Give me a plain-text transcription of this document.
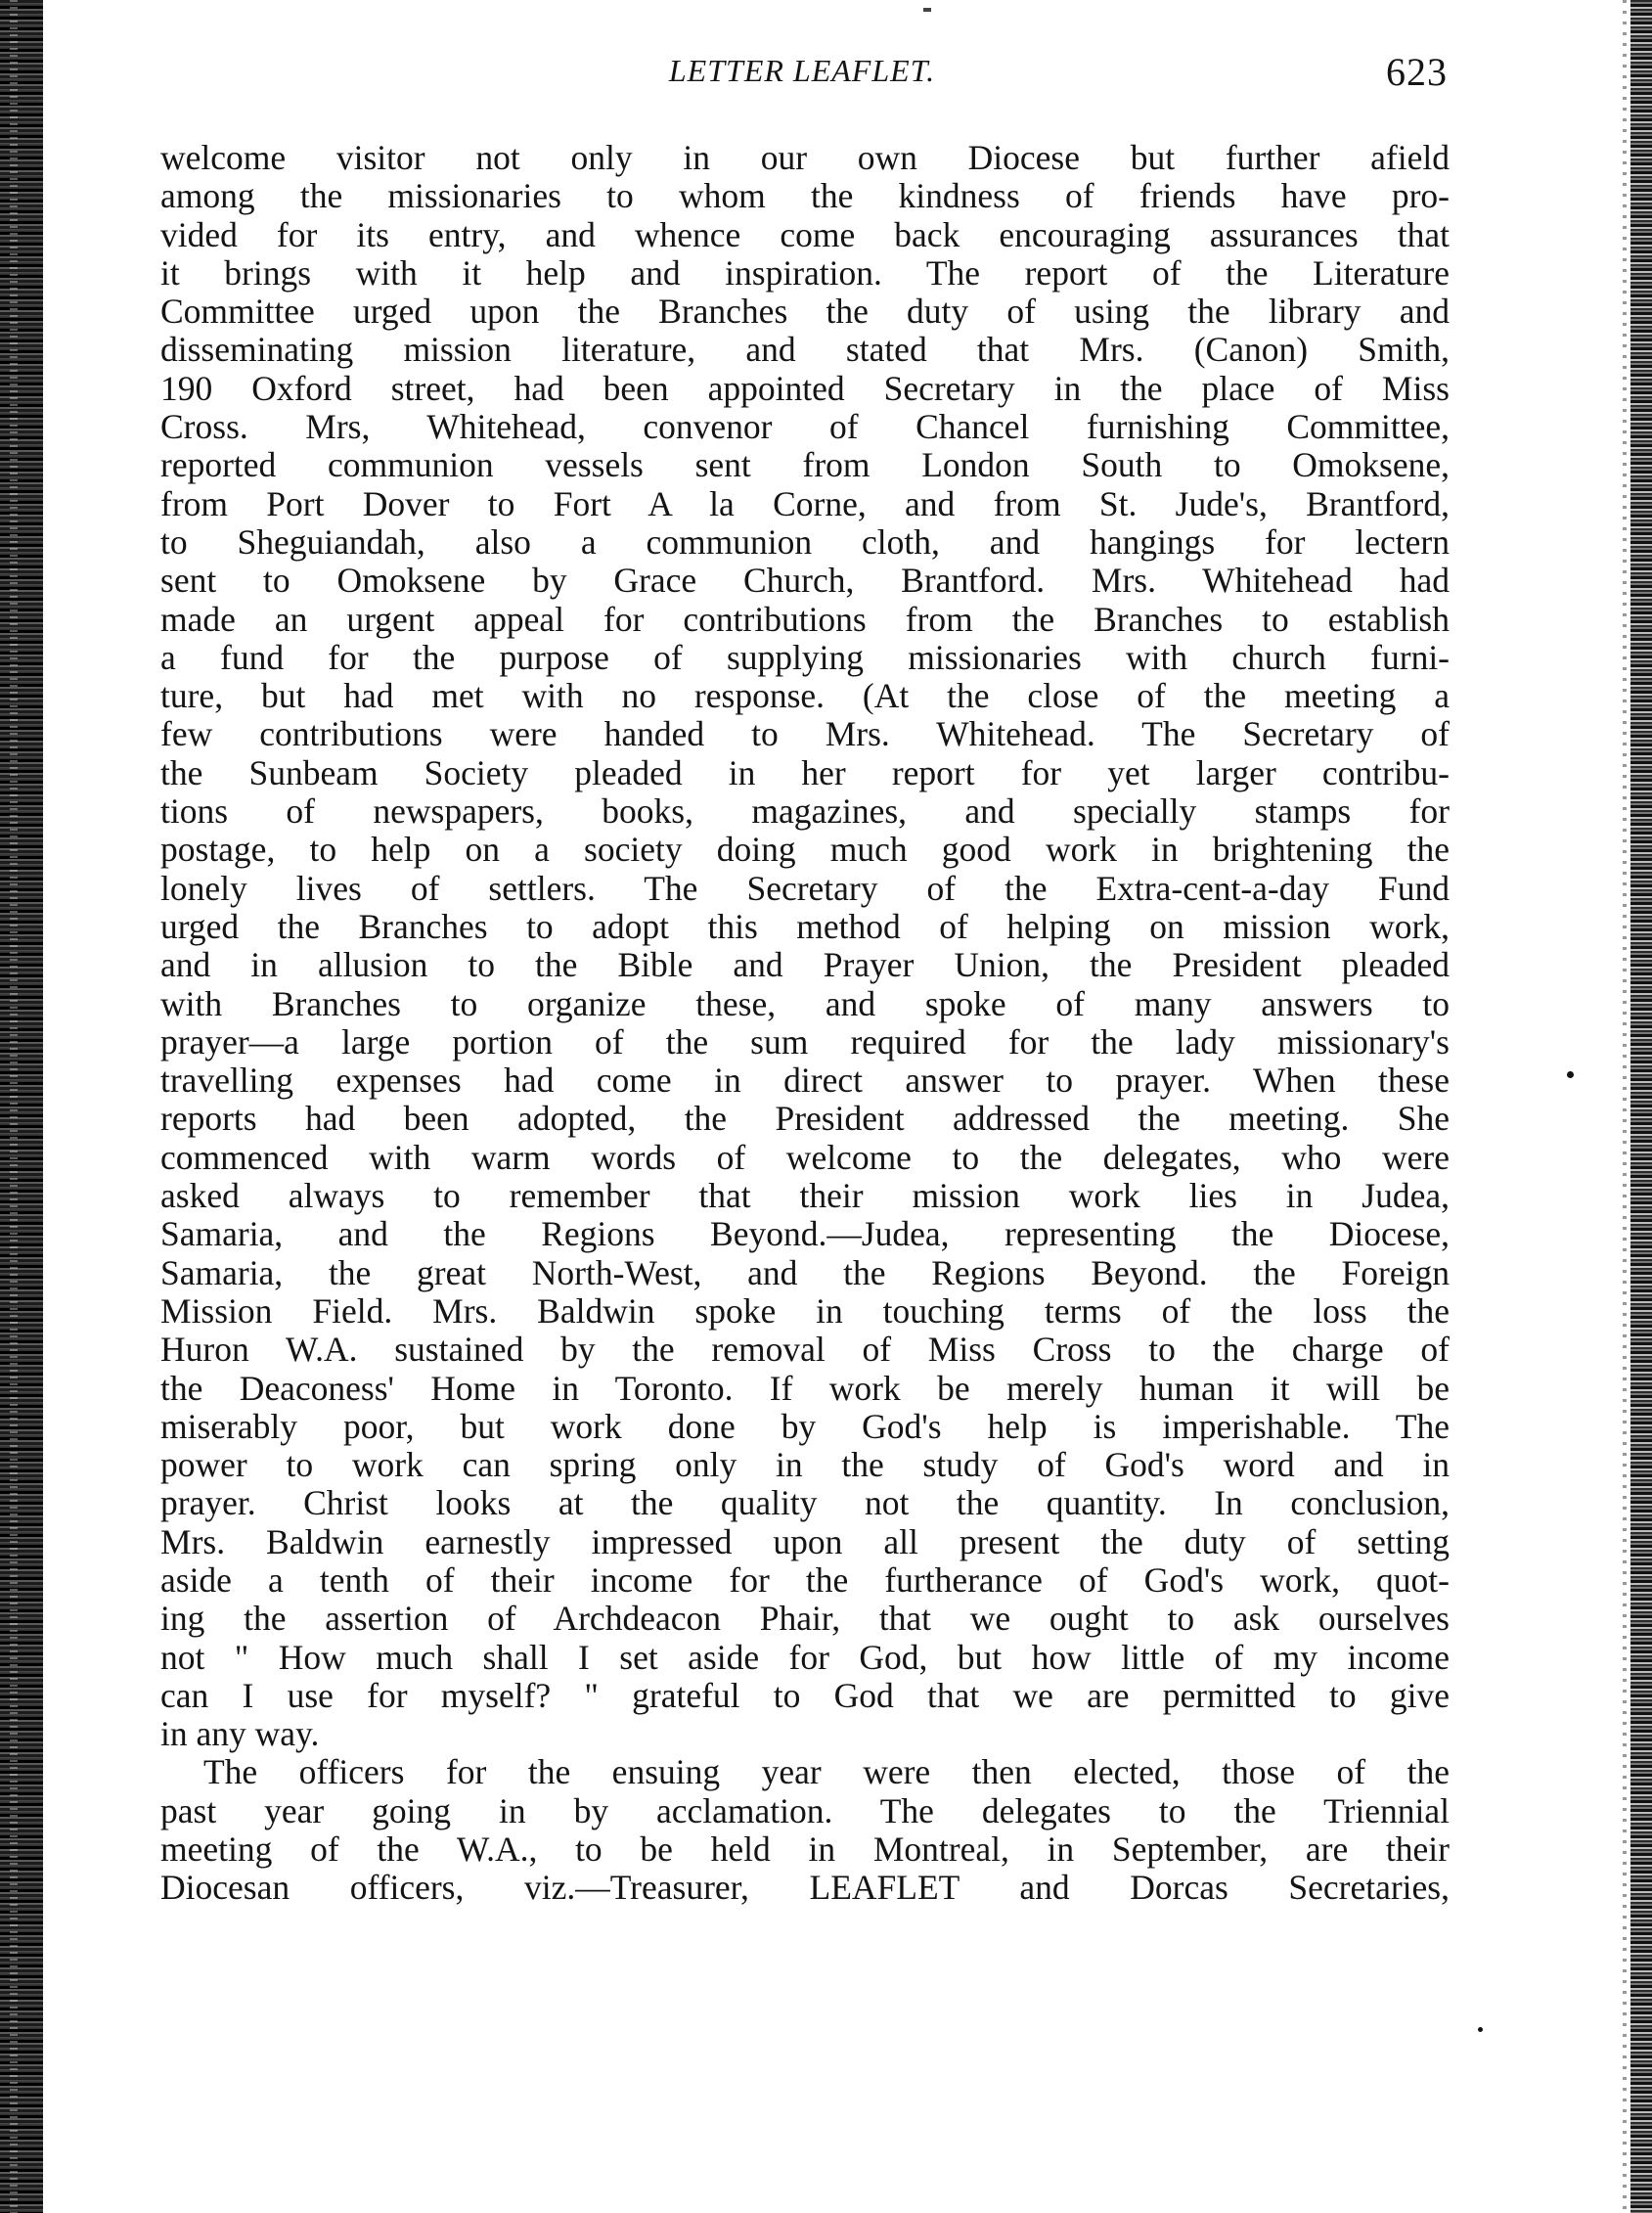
LETTER LEAFLET.	623
welcome visitor not only in our own Diocese but further afield
among the missionaries to whom the kindness of friends have pro-
vided for its entry, and whence come back encouraging assurances that
it brings with it help and inspiration. The report of the Literature
Committee urged upon the Branches the duty of using the library and
disseminating mission literature, and stated that Mrs. (Canon) Smith,
190 Oxford street, had been appointed Secretary in the place of Miss
Cross. Mrs, Whitehead, convenor of Chancel furnishing Committee,
reported communion vessels sent from London South to Omoksene,
from Port Dover to Fort A la Corne, and from St. Jude's, Brantford,
to Sheguiandah, also a communion cloth, and hangings for lectern
sent to Omoksene by Grace Church, Brantford. Mrs. Whitehead had
made an urgent appeal for contributions from the Branches to establish
a fund for the purpose of supplying missionaries with church furni-
ture, but had met with no response. (At the close of the meeting a
few contributions were handed to Mrs. Whitehead. The Secretary of
the Sunbeam Society pleaded in her report for yet larger contribu-
tions of newspapers, books, magazines, and specially stamps for
postage, to help on a society doing much good work in brightening the
lonely lives of settlers. The Secretary of the Extra-cent-a-day Fund
urged the Branches to adopt this method of helping on mission work,
and in allusion to the Bible and Prayer Union, the President pleaded
with Branches to organize these, and spoke of many answers to
prayer—a large portion of the sum required for the lady missionary's
travelling expenses had come in direct answer to prayer. When these
reports had been adopted, the President addressed the meeting. She
commenced with warm words of welcome to the delegates, who were
asked always to remember that their mission work lies in Judea,
Samaria, and the Regions Beyond.—Judea, representing the Diocese,
Samaria, the great North-West, and the Regions Beyond. the Foreign
Mission Field. Mrs. Baldwin spoke in touching terms of the loss the
Huron W.A. sustained by the removal of Miss Cross to the charge of
the Deaconess' Home in Toronto. If work be merely human it will be
miserably poor, but work done by God's help is imperishable. The
power to work can spring only in the study of God's word and in
prayer. Christ looks at the quality not the quantity. In conclusion,
Mrs. Baldwin earnestly impressed upon all present the duty of setting
aside a tenth of their income for the furtherance of God's work, quot-
ing the assertion of Archdeacon Phair, that we ought to ask ourselves
not " How much shall I set aside for God, but how little of my income
can I use for myself? " grateful to God that we are permitted to give
in any way.
The officers for the ensuing year were then elected, those of the
past year going in by acclamation. The delegates to the Triennial
meeting of the W.A., to be held in Montreal, in September, are their
Diocesan officers, viz.—Treasurer, LEAFLET and Dorcas Secretaries,
